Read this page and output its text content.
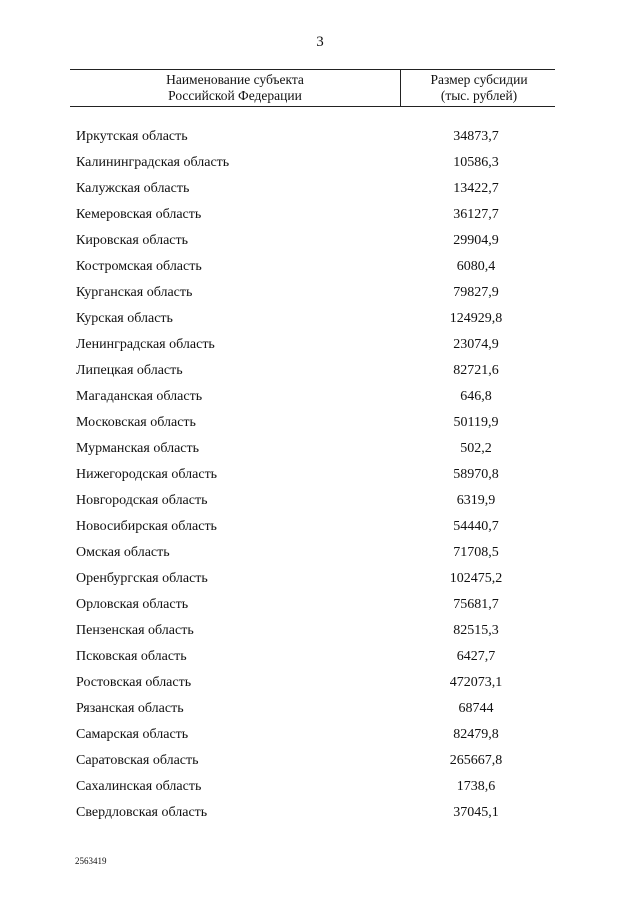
3
Наименование субъекта
Российской Федерации
Размер субсидии
(тыс. рублей)
Иркутская область	34873,7
Калининградская область	10586,3
Калужская область	13422,7
Кемеровская область	36127,7
Кировская область	29904,9
Костромская область	6080,4
Курганская область	79827,9
Курская область	124929,8
Ленинградская область	23074,9
Липецкая область	82721,6
Магаданская область	646,8
Московская область	50119,9
Мурманская область	502,2
Нижегородская область	58970,8
Новгородская область	6319,9
Новосибирская область	54440,7
Омская область	71708,5
Оренбургская область	102475,2
Орловская область	75681,7
Пензенская область	82515,3
Псковская область	6427,7
Ростовская область	472073,1
Рязанская область	68744
Самарская область	82479,8
Саратовская область	265667,8
Сахалинская область	1738,6
Свердловская область	37045,1
2563419
